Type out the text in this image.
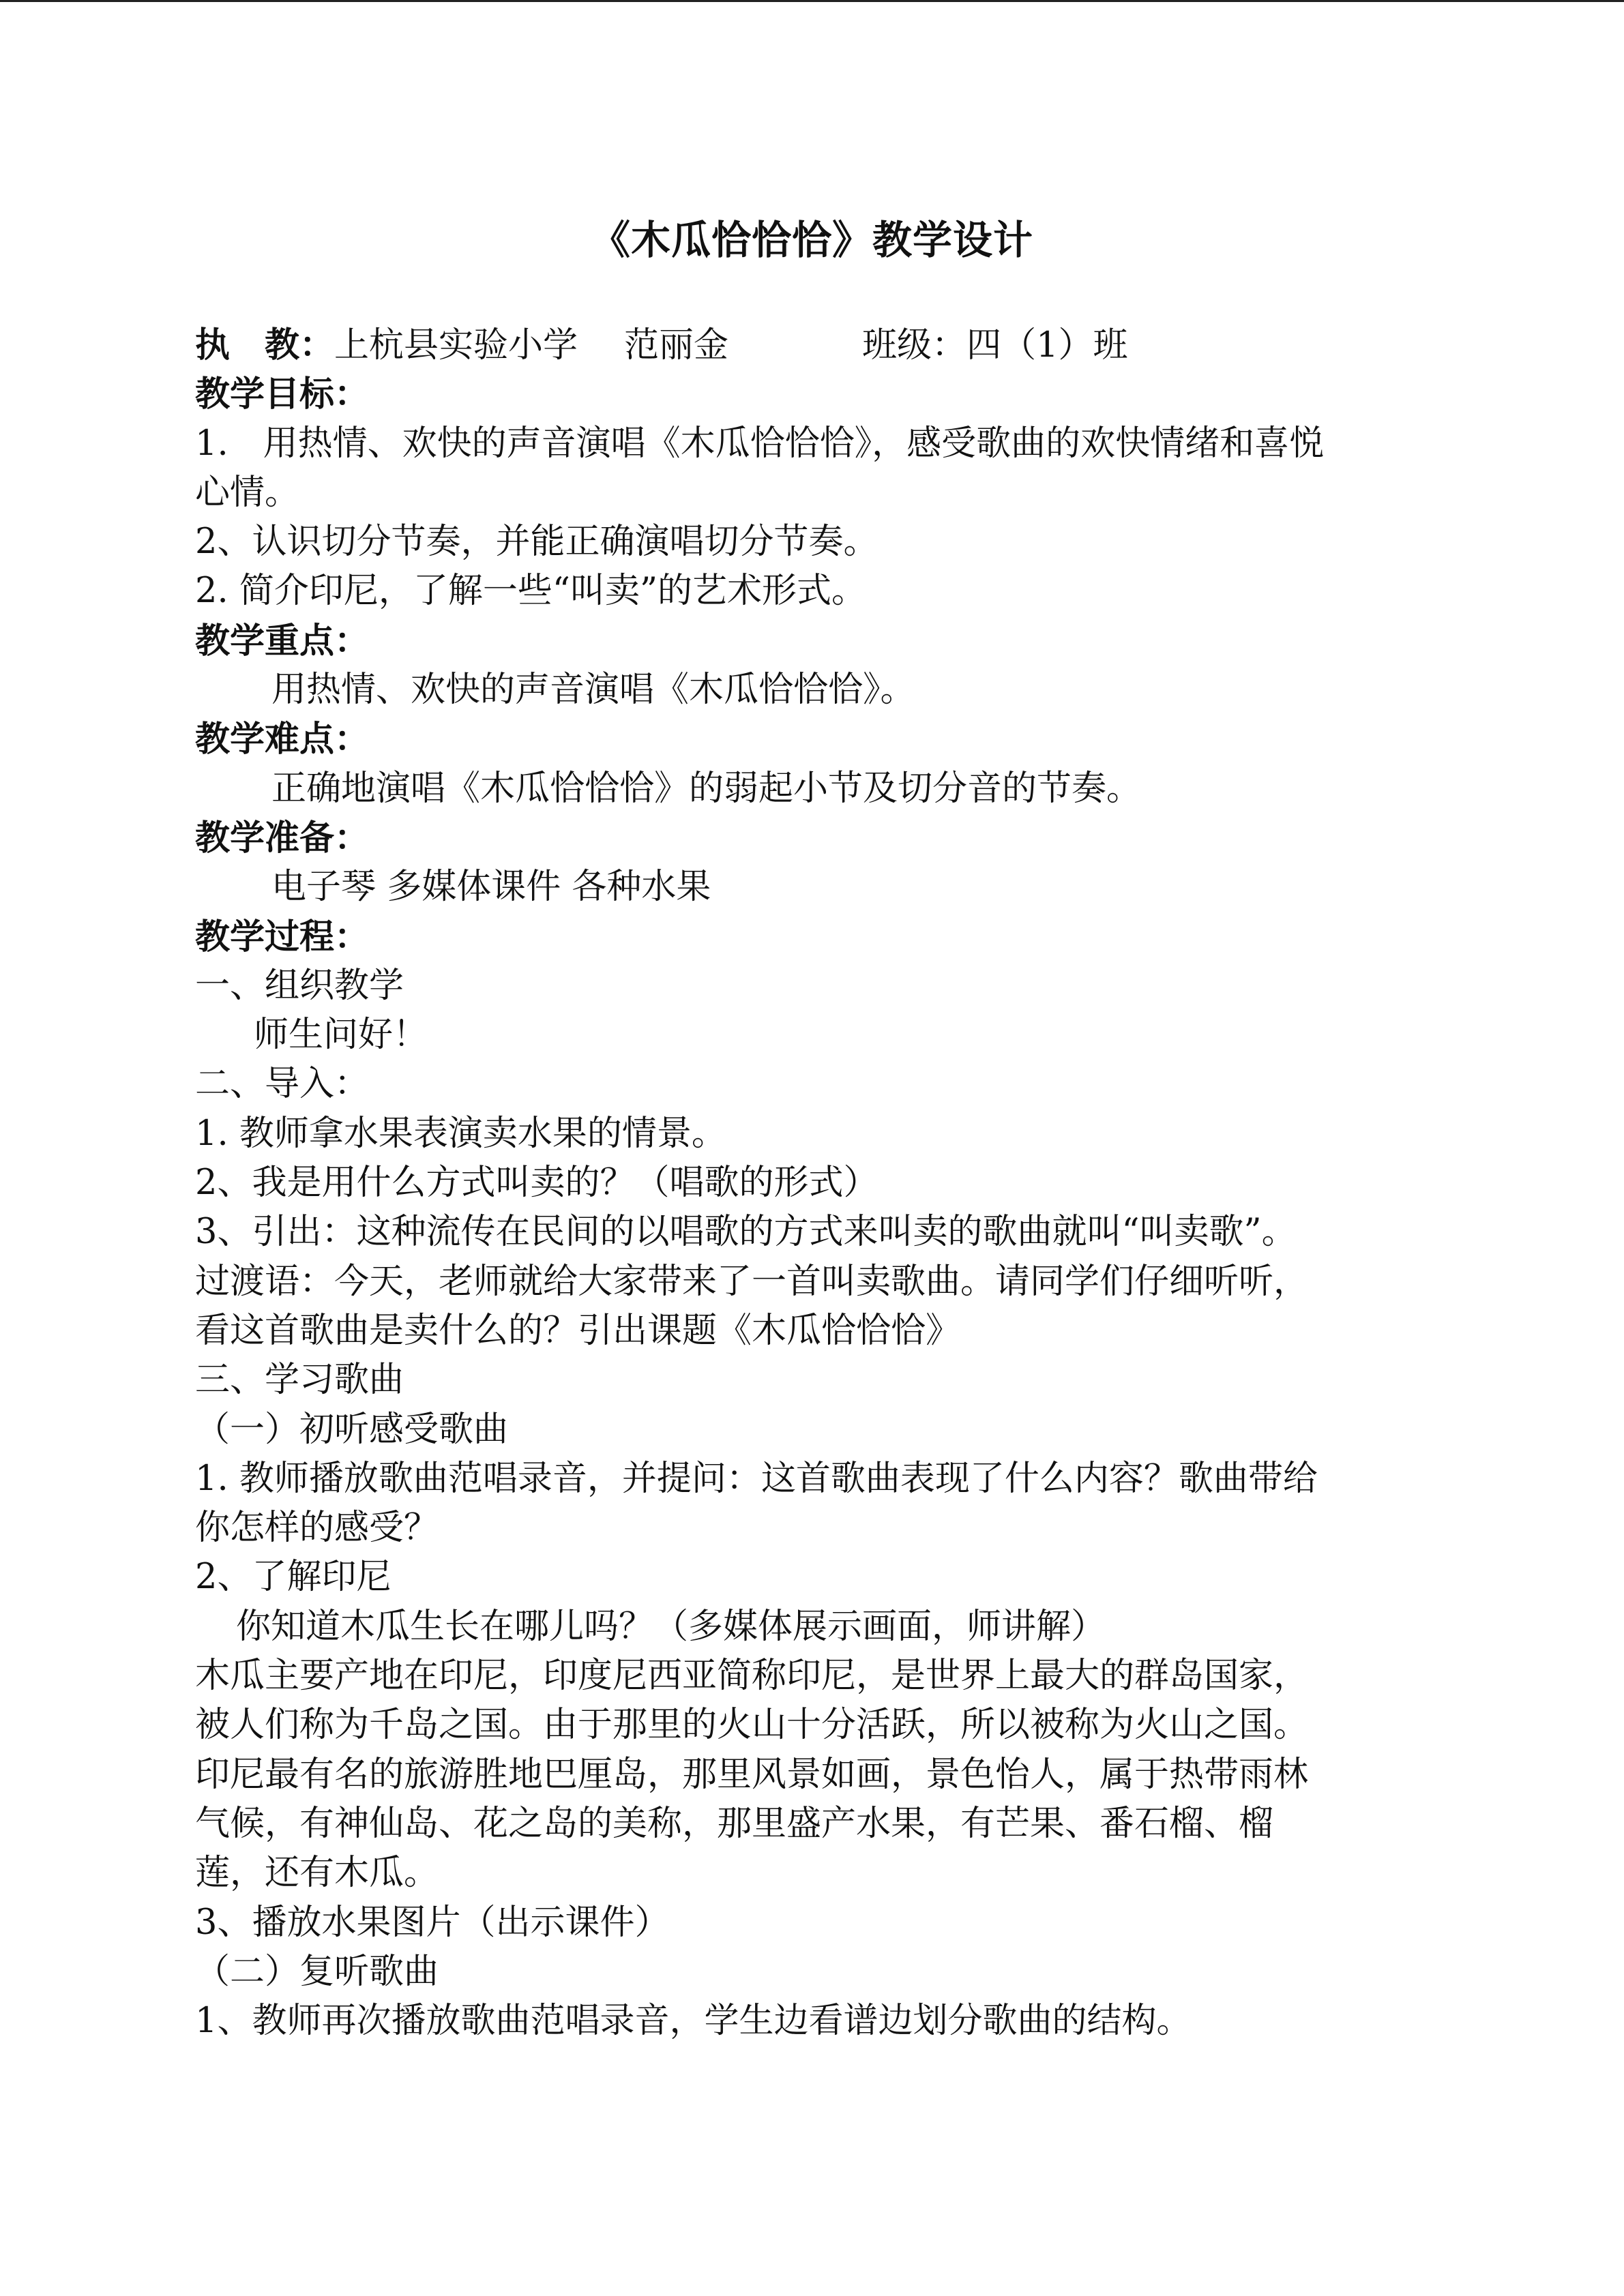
《木瓜恰恰恰》教学设计
执　教：上杭县实验小学 范丽金	班级：四（1）班
教学目标：
1.　用热情、欢快的声音演唱《木瓜恰恰恰》，感受歌曲的欢快情绪和喜悦
心情。
2、认识切分节奏，并能正确演唱切分节奏。
2. 简介印尼，了解一些“叫卖”的艺术形式。
教学重点：
用热情、欢快的声音演唱《木瓜恰恰恰》。
教学难点：
正确地演唱《木瓜恰恰恰》的弱起小节及切分音的节奏。
教学准备：
电子琴 多媒体课件 各种水果
教学过程：
一、组织教学
师生问好！
二、导入：
1. 教师拿水果表演卖水果的情景。
2、我是用什么方式叫卖的？（唱歌的形式）
3、引出：这种流传在民间的以唱歌的方式来叫卖的歌曲就叫“叫卖歌”。
过渡语：今天，老师就给大家带来了一首叫卖歌曲。请同学们仔细听听，
看这首歌曲是卖什么的？引出课题《木瓜恰恰恰》
三、学习歌曲
（一）初听感受歌曲
1. 教师播放歌曲范唱录音，并提问：这首歌曲表现了什么内容？歌曲带给
你怎样的感受？
2、了解印尼
你知道木瓜生长在哪儿吗？（多媒体展示画面，师讲解）
木瓜主要产地在印尼，印度尼西亚简称印尼，是世界上最大的群岛国家，
被人们称为千岛之国。由于那里的火山十分活跃，所以被称为火山之国。
印尼最有名的旅游胜地巴厘岛，那里风景如画，景色怡人，属于热带雨林
气候，有神仙岛、花之岛的美称，那里盛产水果，有芒果、番石榴、榴
莲，还有木瓜。
3、播放水果图片（出示课件）
（二）复听歌曲
1、教师再次播放歌曲范唱录音，学生边看谱边划分歌曲的结构。
